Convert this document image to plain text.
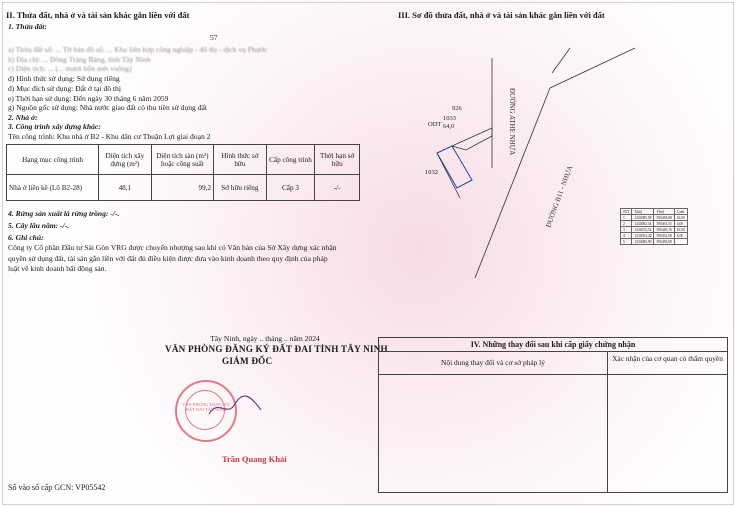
II. Thửa đất, nhà ở và tài sản khác gắn liền với đất
1. Thửa đất:
57
a) Thửa đất số: ... Tờ bản đồ số: ... Khu liên hợp công nghiệp - đô thị - dịch vụ Phước
b) Địa chỉ: ... Đông Trảng Bàng, tỉnh Tây Ninh
c) Diện tích: ... (... mươi bốn mét vuông)
d) Hình thức sử dụng: Sử dụng riêng
đ) Mục đích sử dụng: Đất ở tại đô thị
e) Thời hạn sử dụng: Đến ngày 30 tháng 6 năm 2059
g) Nguồn gốc sử dụng: Nhà nước giao đất có thu tiền sử dụng đất
2. Nhà ở:
3. Công trình xây dựng khác:
Tên công trình: Khu nhà ở B2 - Khu dân cư Thuận Lợi giai đoạn 2
Hạng mục công trình	Diện tích xây dựng (m²)	Diện tích sàn (m²) hoặc công suất	Hình thức sở hữu	Cấp công trình	Thời hạn sở hữu
Nhà ở liền kề (Lô B2-28)	48,1	99,2	Sở hữu riêng	Cấp 3	-/-
4. Rừng sản xuất là rừng trồng: -/-.
5. Cây lâu năm: -/-.
6. Ghi chú:
Công ty Cổ phần Đầu tư Sài Gòn VRG được chuyển nhượng sau khi có Văn bản của Sở Xây dựng xác nhận quyền sử dụng đất, tài sản gắn liền với đất đủ điều kiện được đưa vào kinh doanh theo quy định của pháp luật về kinh doanh bất động sản.
Tây Ninh, ngày .. tháng .. năm 2024
VĂN PHÒNG ĐĂNG KÝ ĐẤT ĐAI TỈNH TÂY NINH
GIÁM ĐỐC
VĂN PHÒNG ĐĂNG KÝ ĐẤT ĐAI TÂY NINH
Trần Quang Khải
Số vào sổ cấp GCN: VP05542
III. Sơ đồ thửa đất, nhà ở và tài sản khác gắn liền với đất
ĐƯỜNG ATHE NHỰA
ĐƯỜNG B11 - NHỰA
926
1033
ODT 64,0
1032
STT	X(m)	Y(m)	Cạnh
1	1234085,99	590458,88	16,00
2	1234082,34	590461,35	4,00
3	1234072,52	590449,76	16,00
4	1234054,42	590432,08	4,00
5	1234085,99	590458,88	
IV. Những thay đổi sau khi cấp giấy chứng nhận
Nội dung thay đổi và cơ sở pháp lý	Xác nhận của cơ quan có thẩm quyền
